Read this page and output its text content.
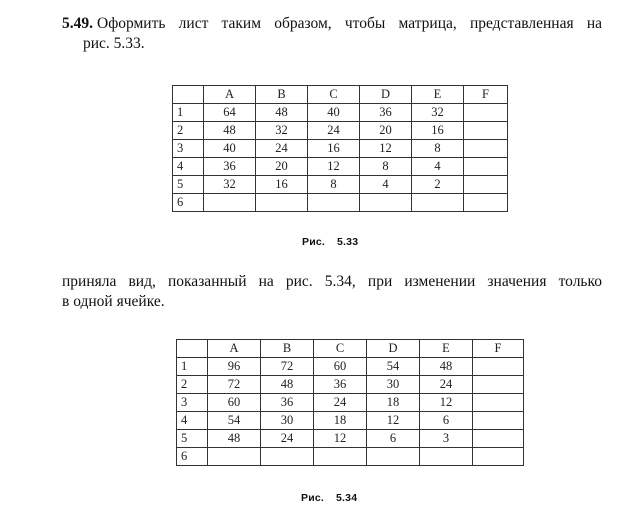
5.49. Оформить лист таким образом, чтобы матрица, представленная на
рис. 5.33.
	A	B	C	D	E	F
1	64	48	40	36	32	
2	48	32	24	20	16	
3	40	24	16	12	8	
4	36	20	12	8	4	
5	32	16	8	4	2	
6						
Рис. 5.33
приняла вид, показанный на рис. 5.34, при изменении значения только
в одной ячейке.
	A	B	C	D	E	F
1	96	72	60	54	48	
2	72	48	36	30	24	
3	60	36	24	18	12	
4	54	30	18	12	6	
5	48	24	12	6	3	
6						
Рис. 5.34
